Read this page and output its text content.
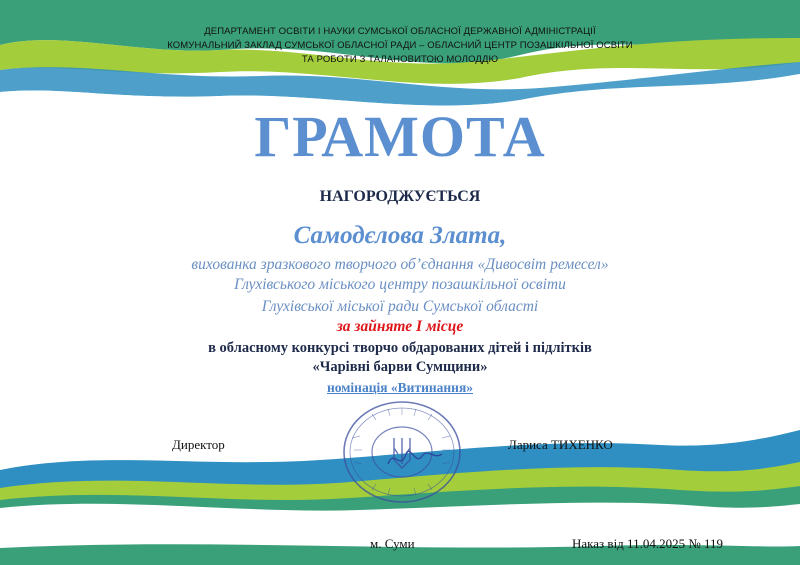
ДЕПАРТАМЕНТ ОСВІТИ І НАУКИ СУМСЬКОЇ ОБЛАСНОЇ ДЕРЖАВНОЇ АДМІНІСТРАЦІЇ
КОМУНАЛЬНИЙ ЗАКЛАД СУМСЬКОЇ ОБЛАСНОЇ РАДИ – ОБЛАСНИЙ ЦЕНТР ПОЗАШКІЛЬНОЇ ОСВІТИ
ТА РОБОТИ З ТАЛАНОВИТОЮ МОЛОДДЮ
ГРАМОТА
НАГОРОДЖУЄТЬСЯ
Самодєлова Злата,
вихованка зразкового творчого об’єднання «Дивосвіт ремесел»
Глухівського міського центру позашкільної освіти
Глухівської міської ради Сумської області
за зайняте І місце
в обласному конкурсі творчо обдарованих дітей і підлітків
«Чарівні барви Сумщини»
номінація «Витинання»
Директор	Лариса ТИХЕНКО
м. Суми	Наказ від 11.04.2025 № 119
